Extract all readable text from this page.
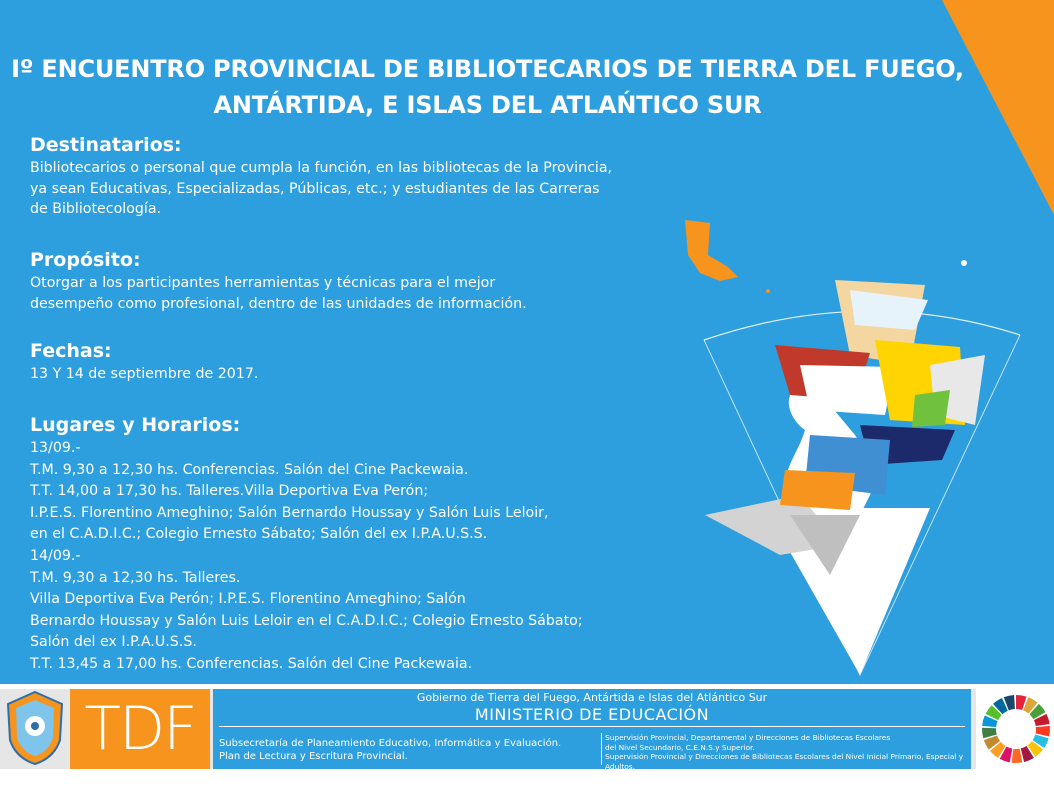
Iº ENCUENTRO PROVINCIAL DE BIBLIOTECARIOS DE TIERRA DEL FUEGO,
ANTÁRTIDA, E ISLAS DEL ATLAŃTICO SUR

Destinatarios:

Bibliotecarios o personal que cumpla la función, en las bibliotecas de la Provincia,

ya sean Educativas, Especializadas, Públicas, etc.; y estudiantes de las Carreras

de Bibliotecología.

Propósito:

Otorgar a los participantes herramientas y técnicas para el mejor

desempeño como profesional, dentro de las unidades de información.

Fechas:

13 Y 14 de septiembre de 2017.

Lugares y Horarios:

13/09.-

T.M. 9,30 a 12,30 hs. Conferencias. Salón del Cine Packewaia.

T.T. 14,00 a 17,30 hs. Talleres.Villa Deportiva Eva Perón;

I.P.E.S. Florentino Ameghino; Salón Bernardo Houssay y Salón Luis Leloir,

en el C.A.D.I.C.; Colegio Ernesto Sábato; Salón del ex I.P.A.U.S.S.

14/09.-

T.M. 9,30 a 12,30 hs. Talleres.

Villa Deportiva Eva Perón; I.P.E.S. Florentino Ameghino; Salón

Bernardo Houssay y Salón Luis Leloir en el C.A.D.I.C.; Colegio Ernesto Sábato;

Salón del ex I.P.A.U.S.S.

T.T. 13,45 a 17,00 hs. Conferencias. Salón del Cine Packewaia.

TDF	Gobierno de Tierra del Fuego, Antártida e Islas del Atlántico Sur
MINISTERIO DE EDUCACIÓN
Subsecretaría de Planeamiento Educativo, Informática y Evaluación.
Plan de Lectura y Escritura Provincial.
Supervisión Provincial, Departamental y Direcciones de Bibliotecas Escolares
del Nivel Secundario, C.E.N.S.y Superior.
Supervisión Provincial y Direcciones de Bibliotecas Escolares del Nivel Inicial Primario, Especial y Adultos.
